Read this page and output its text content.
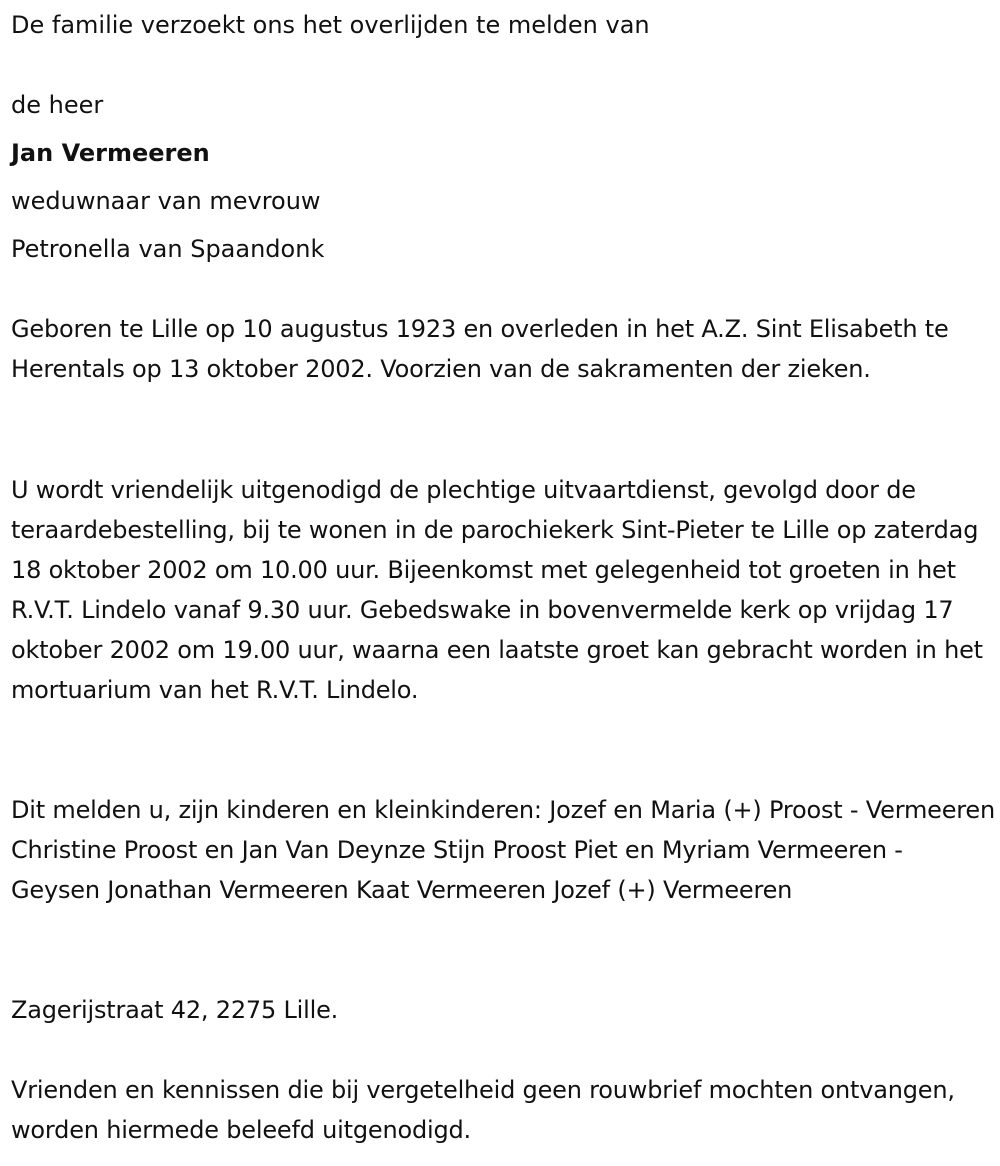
De familie verzoekt ons het overlijden te melden van

de heer

Jan Vermeeren

weduwnaar van mevrouw

Petronella van Spaandonk

Geboren te Lille op 10 augustus 1923 en overleden in het A.Z. Sint Elisabeth te Herentals op 13 oktober 2002. Voorzien van de sakramenten der zieken.

U wordt vriendelijk uitgenodigd de plechtige uitvaartdienst, gevolgd door de teraardebestelling, bij te wonen in de parochiekerk Sint-Pieter te Lille op zaterdag 18 oktober 2002 om 10.00 uur. Bijeenkomst met gelegenheid tot groeten in het R.V.T. Lindelo vanaf 9.30 uur. Gebedswake in bovenvermelde kerk op vrijdag 17 oktober 2002 om 19.00 uur, waarna een laatste groet kan gebracht worden in het mortuarium van het R.V.T. Lindelo.

Dit melden u, zijn kinderen en kleinkinderen: Jozef en Maria (+) Proost - Vermeeren Christine Proost en Jan Van Deynze Stijn Proost Piet en Myriam Vermeeren - Geysen Jonathan Vermeeren Kaat Vermeeren Jozef (+) Vermeeren

Zagerijstraat 42, 2275 Lille.

Vrienden en kennissen die bij vergetelheid geen rouwbrief mochten ontvangen, worden hiermede beleefd uitgenodigd.
